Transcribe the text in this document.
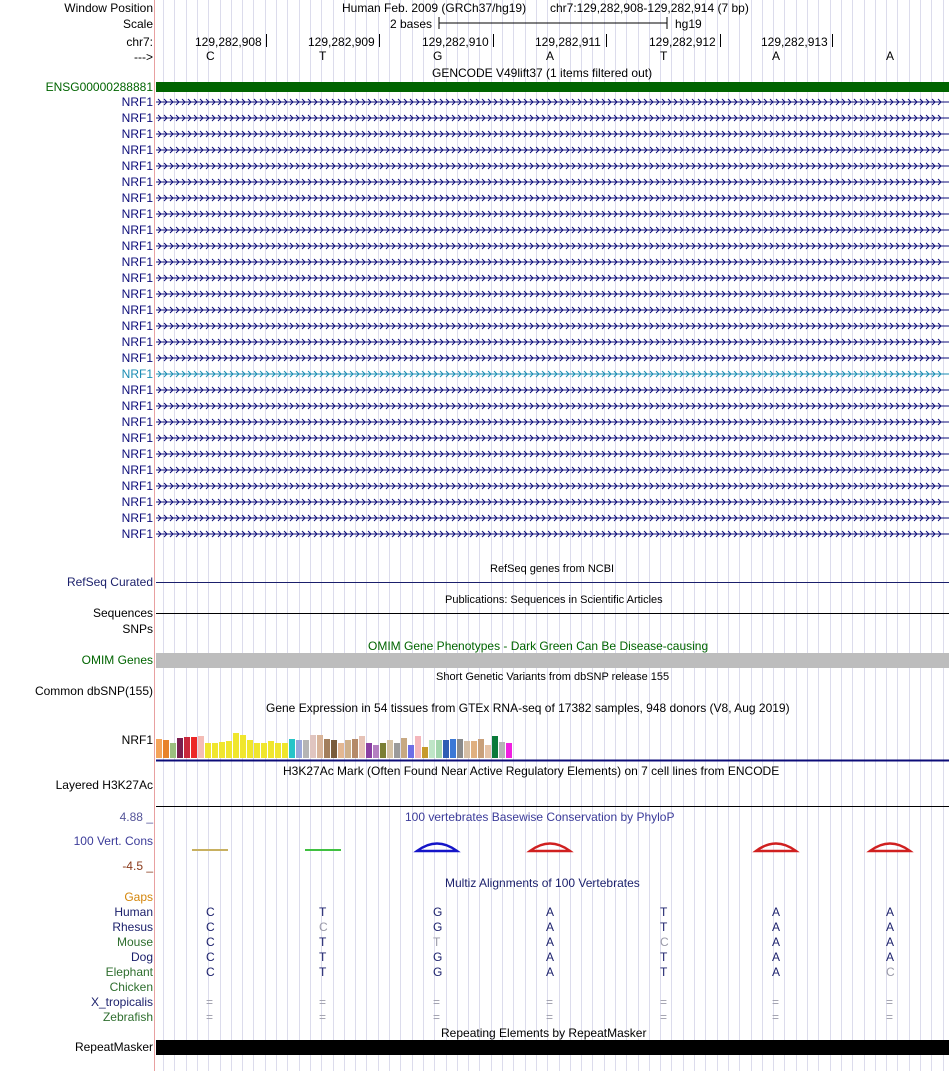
Window Position	Human Feb. 2009 (GRCh37/hg19) chr7:129,282,908-129,282,914 (7 bp)
Scale	2 bases	hg19
chr7:	129,282,908	129,282,909	129,282,910	129,282,911	129,282,912	129,282,913
--->	C	T	G	A	T	A	A
GENCODE V49lift37 (1 items filtered out)
ENSG00000288881
NRF1
NRF1
NRF1
NRF1
NRF1
NRF1
NRF1
NRF1
NRF1
NRF1
NRF1
NRF1
NRF1
NRF1
NRF1
NRF1
NRF1
NRF1
NRF1
NRF1
NRF1
NRF1
NRF1
NRF1
NRF1
NRF1
NRF1
NRF1
RefSeq genes from NCBI
RefSeq Curated
Publications: Sequences in Scientific Articles
Sequences
SNPs
OMIM Gene Phenotypes - Dark Green Can Be Disease-causing
OMIM Genes
Short Genetic Variants from dbSNP release 155
Common dbSNP(155)
Gene Expression in 54 tissues from GTEx RNA-seq of 17382 samples, 948 donors (V8, Aug 2019)
NRF1
H3K27Ac Mark (Often Found Near Active Regulatory Elements) on 7 cell lines from ENCODE
Layered H3K27Ac
4.88 _	100 vertebrates Basewise Conservation by PhyloP
100 Vert. Cons
-4.5 _
Multiz Alignments of 100 Vertebrates
Gaps
Human	C	T	G	A	T	A	A
Rhesus	C	C	G	A	T	A	A
Mouse	C	T	T	A	C	A	A
Dog	C	T	G	A	T	A	A
Elephant	C	T	G	A	T	A	C
Chicken
X_tropicalis	=	=	=	=	=	=	=
Zebrafish	=	=	=	=	=	=	=
Repeating Elements by RepeatMasker
RepeatMasker
